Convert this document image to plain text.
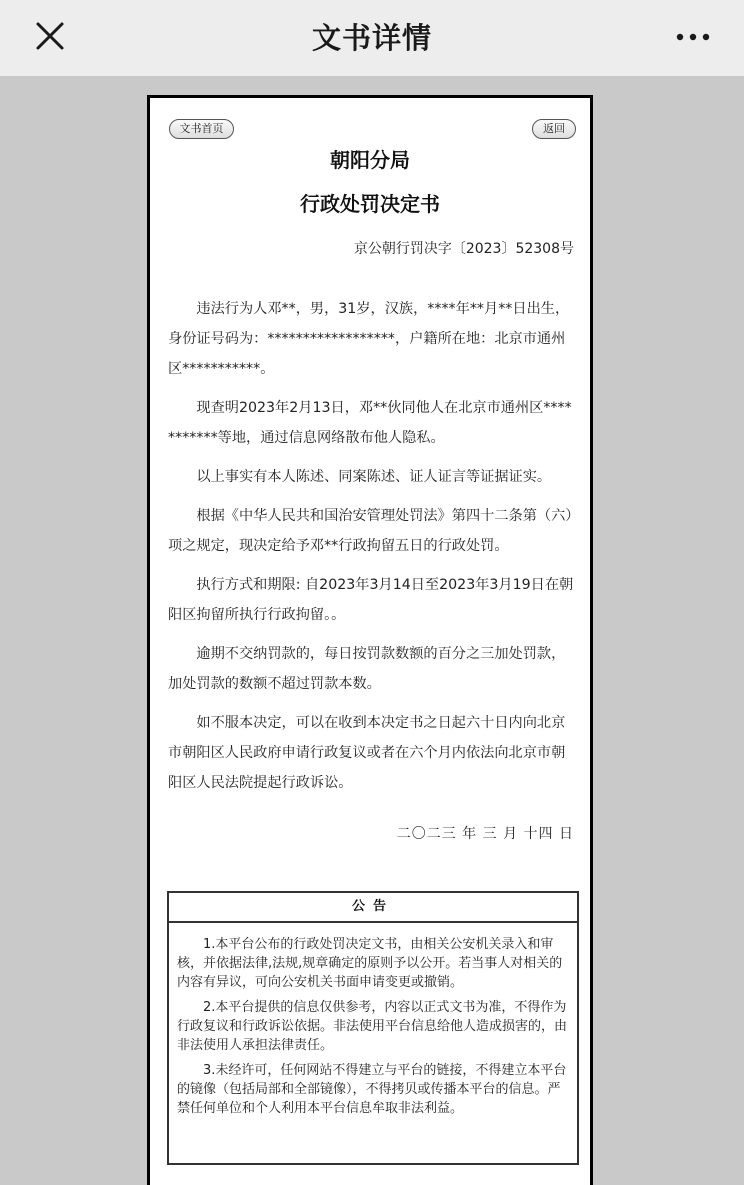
文书详情
文书首页	返回
朝阳分局
行政处罚决定书
京公朝行罚决字〔2023〕52308号

违法行为人邓**，男，31岁，汉族，****年**月**日出生，身份证号码为：******************，户籍所在地：北京市通州区***********。

现查明2023年2月13日，邓**伙同他人在北京市通州区***********等地，通过信息网络散布他人隐私。

以上事实有本人陈述、同案陈述、证人证言等证据证实。

根据《中华人民共和国治安管理处罚法》第四十二条第（六）项之规定，现决定给予邓**行政拘留五日的行政处罚。

执行方式和期限: 自2023年3月14日至2023年3月19日在朝阳区拘留所执行行政拘留。。

逾期不交纳罚款的，每日按罚款数额的百分之三加处罚款，加处罚款的数额不超过罚款本数。

如不服本决定，可以在收到本决定书之日起六十日内向北京市朝阳区人民政府申请行政复议或者在六个月内依法向北京市朝阳区人民法院提起行政诉讼。

二〇二三 年 三 月 十四 日
公告

1.本平台公布的行政处罚决定文书，由相关公安机关录入和审核，并依据法律,法规,规章确定的原则予以公开。若当事人对相关的内容有异议，可向公安机关书面申请变更或撤销。

2.本平台提供的信息仅供参考，内容以正式文书为准，不得作为行政复议和行政诉讼依据。非法使用平台信息给他人造成损害的，由非法使用人承担法律责任。

3.未经许可，任何网站不得建立与平台的链接，不得建立本平台的镜像（包括局部和全部镜像），不得拷贝或传播本平台的信息。严禁任何单位和个人利用本平台信息牟取非法利益。
